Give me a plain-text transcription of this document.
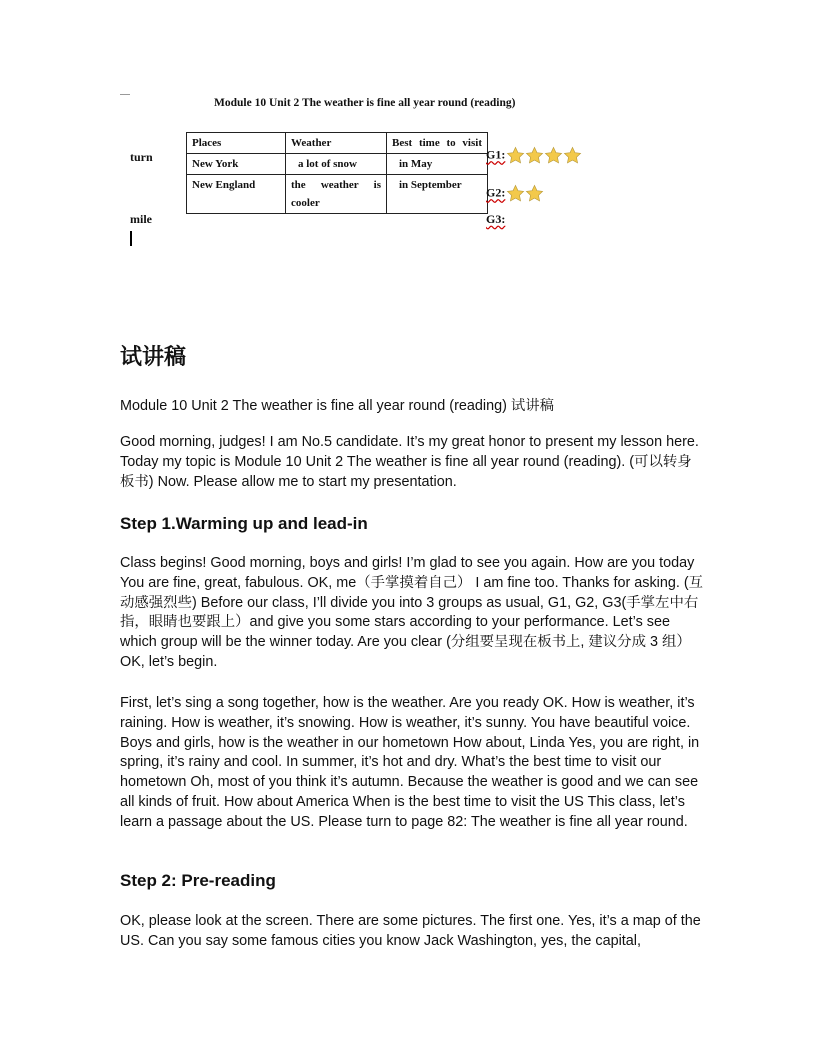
Module 10 Unit 2 The weather is fine all year round (reading)
turn
mile
Places	Weather	Best time to visit
New York	a lot of snow	in May
New England	the weather is cooler	in September
G1:
G2:
G3:
试讲稿
Module 10 Unit 2 The weather is fine all year round (reading) 试讲稿
Good morning, judges! I am No.5 candidate. It’s my great honor to present my lesson here. Today my topic is Module 10 Unit 2 The weather is fine all year round (reading). (可以转身板书) Now. Please allow me to start my presentation.
Step 1.Warming up and lead-in
Class begins! Good morning, boys and girls! I’m glad to see you again. How are you today You are fine, great, fabulous. OK, me（手掌摸着自己） I am fine too. Thanks for asking. (互动感强烈些) Before our class, I’ll divide you into 3 groups as usual, G1, G2, G3(手掌左中右指，眼睛也要跟上）and give you some stars according to your performance. Let’s see which group will be the winner today. Are you clear (分组要呈现在板书上, 建议分成 3 组）OK, let’s begin.
First, let’s sing a song together, how is the weather. Are you ready OK. How is weather, it’s raining. How is weather, it’s snowing. How is weather, it’s sunny. You have beautiful voice. Boys and girls, how is the weather in our hometown How about, Linda Yes, you are right, in spring, it’s rainy and cool. In summer, it’s hot and dry. What’s the best time to visit our hometown Oh, most of you think it’s autumn. Because the weather is good and we can see all kinds of fruit. How about America When is the best time to visit the US This class, let’s learn a passage about the US. Please turn to page 82: The weather is fine all year round.
Step 2: Pre-reading
OK, please look at the screen. There are some pictures. The first one. Yes, it’s a map of the US. Can you say some famous cities you know Jack Washington, yes, the capital,
